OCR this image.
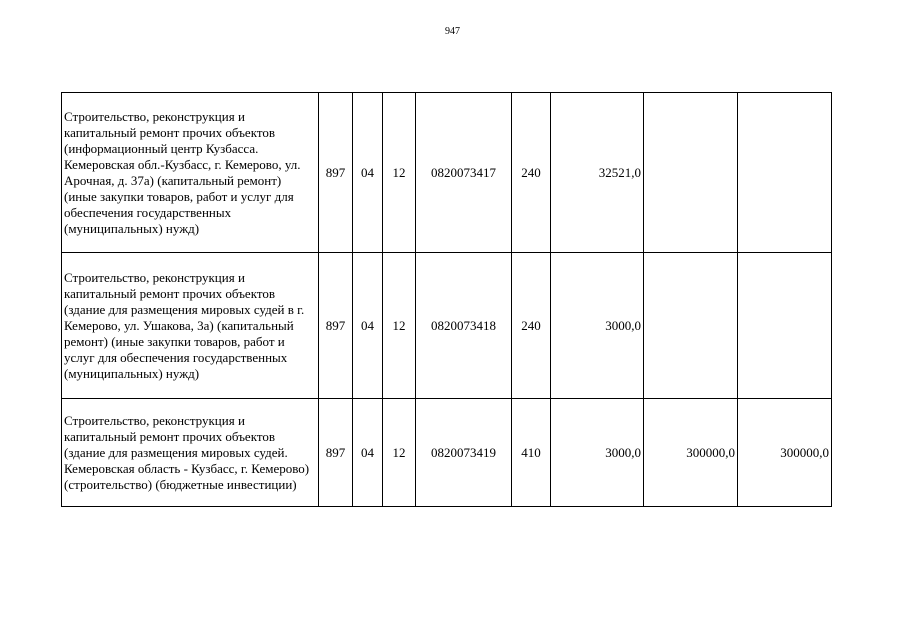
947
Строительство, реконструкция и капитальный ремонт прочих объектов (информационный центр Кузбасса. Кемеровская обл.-Кузбасс, г. Кемерово, ул. Арочная, д. 37а) (капитальный ремонт) (иные закупки товаров, работ и услуг для обеспечения государственных (муниципальных) нужд)	897	04	12	0820073417	240	32521,0		
Строительство, реконструкция и капитальный ремонт прочих объектов (здание для размещения мировых судей в г. Кемерово, ул. Ушакова, 3а) (капитальный ремонт) (иные закупки товаров, работ и услуг для обеспечения государственных (муниципальных) нужд)	897	04	12	0820073418	240	3000,0		
Строительство, реконструкция и капитальный ремонт прочих объектов (здание для размещения мировых судей. Кемеровская область - Кузбасс, г. Кемерово) (строительство) (бюджетные инвестиции)	897	04	12	0820073419	410	3000,0	300000,0	300000,0
